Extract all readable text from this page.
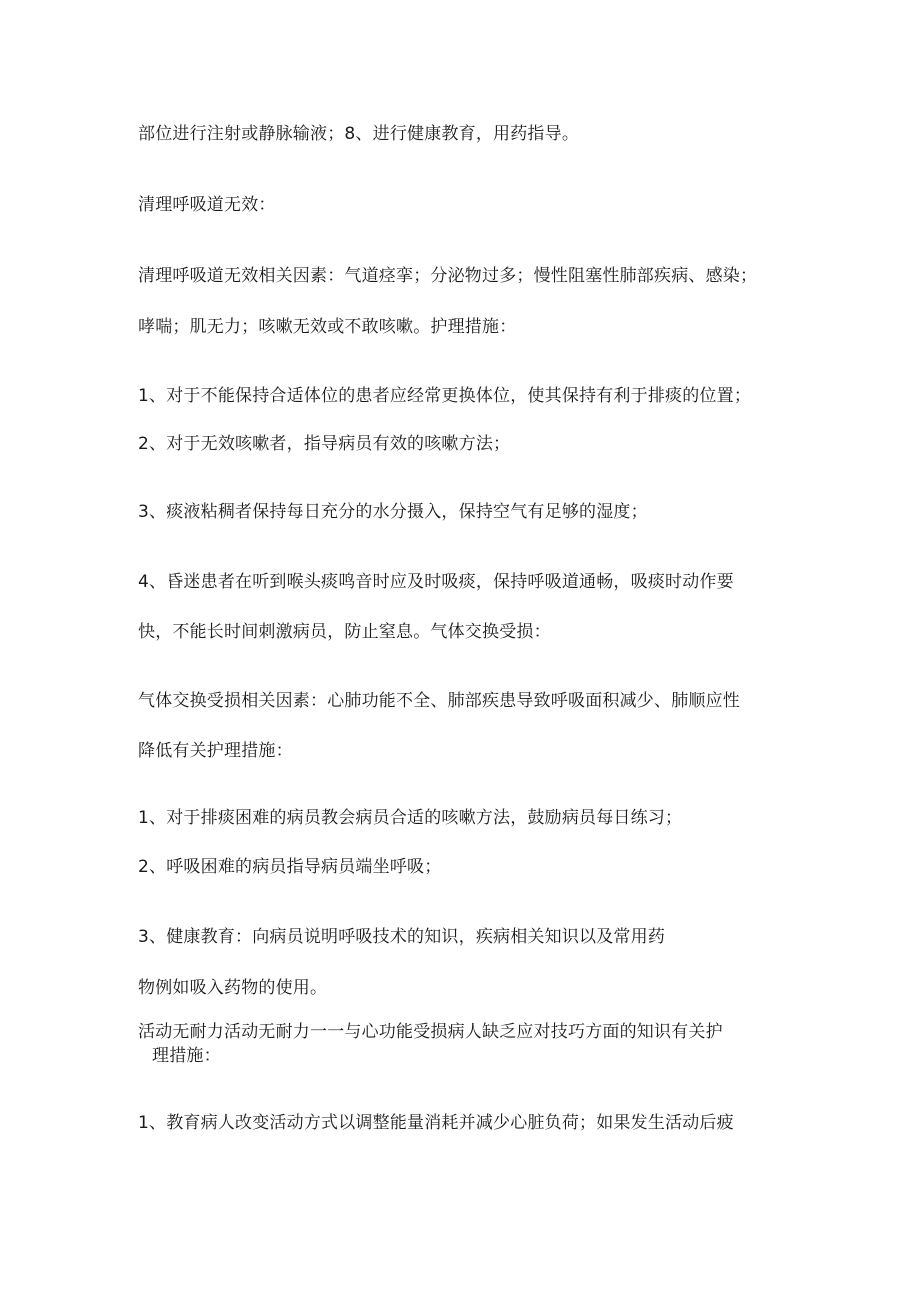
部位进行注射或静脉输液；8、进行健康教育，用药指导。
清理呼吸道无效：
清理呼吸道无效相关因素：气道痉挛；分泌物过多；慢性阻塞性肺部疾病、感染；
哮喘；肌无力；咳嗽无效或不敢咳嗽。护理措施：
1、对于不能保持合适体位的患者应经常更换体位，使其保持有利于排痰的位置；
2、对于无效咳嗽者，指导病员有效的咳嗽方法；
3、痰液粘稠者保持每日充分的水分摄入，保持空气有足够的湿度；
4、昏迷患者在听到喉头痰鸣音时应及时吸痰，保持呼吸道通畅，吸痰时动作要
快，不能长时间刺激病员，防止窒息。气体交换受损：
气体交换受损相关因素：心肺功能不全、肺部疾患导致呼吸面积减少、肺顺应性
降低有关护理措施：
1、对于排痰困难的病员教会病员合适的咳嗽方法，鼓励病员每日练习；
2、呼吸困难的病员指导病员端坐呼吸；
3、健康教育：向病员说明呼吸技术的知识，疾病相关知识以及常用药
物例如吸入药物的使用。
活动无耐力活动无耐力一一与心功能受损病人缺乏应对技巧方面的知识有关护
理措施：
1、教育病人改变活动方式以调整能量消耗并减少心脏负荷；如果发生活动后疲
